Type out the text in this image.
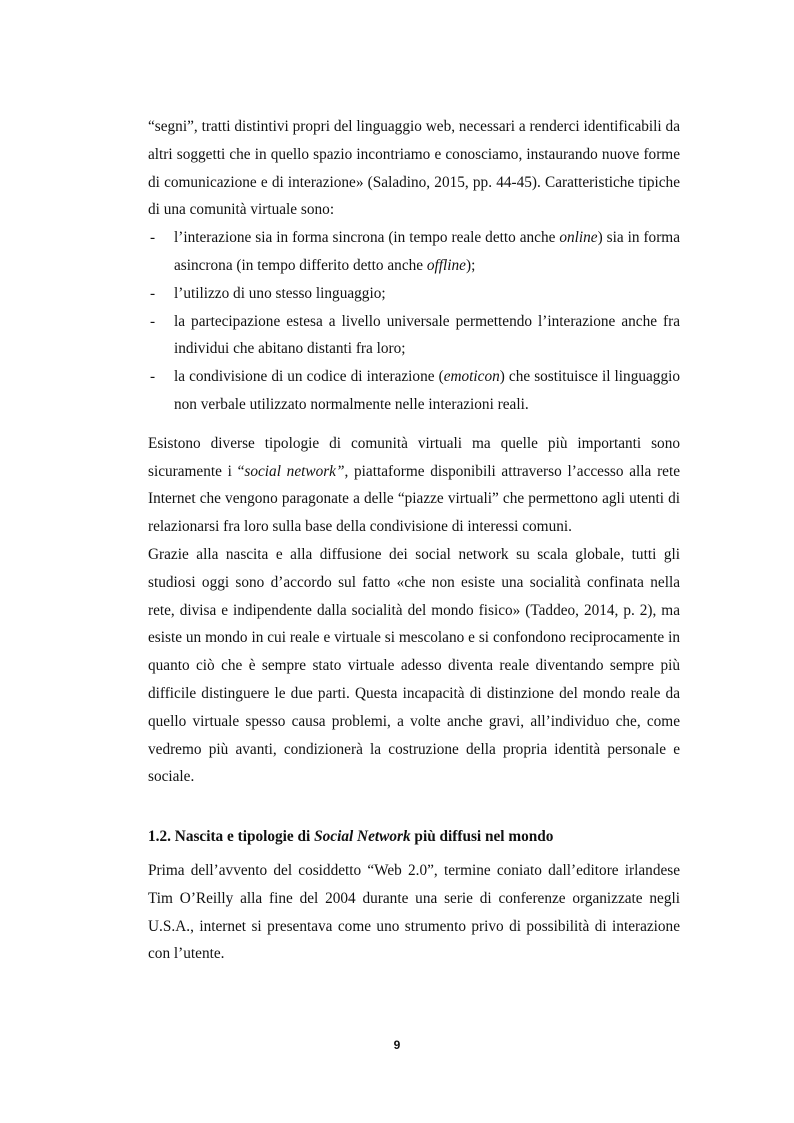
“segni”, tratti distintivi propri del linguaggio web, necessari a renderci identificabili da altri soggetti che in quello spazio incontriamo e conosciamo, instaurando nuove forme di comunicazione e di interazione» (Saladino, 2015, pp. 44-45). Caratteristiche tipiche di una comunità virtuale sono:

- l’interazione sia in forma sincrona (in tempo reale detto anche online) sia in forma asincrona (in tempo differito detto anche offline);
- l’utilizzo di uno stesso linguaggio;
- la partecipazione estesa a livello universale permettendo l’interazione anche fra individui che abitano distanti fra loro;
- la condivisione di un codice di interazione (emoticon) che sostituisce il linguaggio non verbale utilizzato normalmente nelle interazioni reali.

Esistono diverse tipologie di comunità virtuali ma quelle più importanti sono sicuramente i “social network”, piattaforme disponibili attraverso l’accesso alla rete Internet che vengono paragonate a delle “piazze virtuali” che permettono agli utenti di relazionarsi fra loro sulla base della condivisione di interessi comuni.

Grazie alla nascita e alla diffusione dei social network su scala globale, tutti gli studiosi oggi sono d’accordo sul fatto «che non esiste una socialità confinata nella rete, divisa e indipendente dalla socialità del mondo fisico» (Taddeo, 2014, p. 2), ma esiste un mondo in cui reale e virtuale si mescolano e si confondono reciprocamente in quanto ciò che è sempre stato virtuale adesso diventa reale diventando sempre più difficile distinguere le due parti. Questa incapacità di distinzione del mondo reale da quello virtuale spesso causa problemi, a volte anche gravi, all’individuo che, come vedremo più avanti, condizionerà la costruzione della propria identità personale e sociale.

1.2. Nascita e tipologie di Social Network più diffusi nel mondo

Prima dell’avvento del cosiddetto “Web 2.0”, termine coniato dall’editore irlandese Tim O’Reilly alla fine del 2004 durante una serie di conferenze organizzate negli U.S.A., internet si presentava come uno strumento privo di possibilità di interazione con l’utente.

9
